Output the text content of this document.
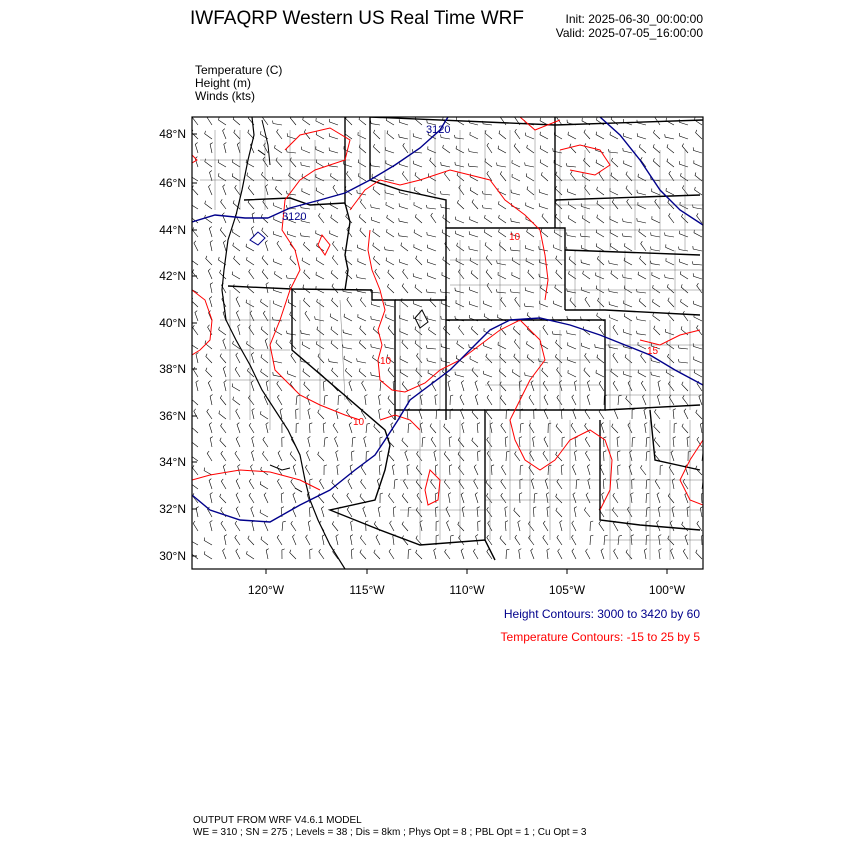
IWFAQRP Western US Real Time WRF	Init: 2025-06-30_00:00:00
Valid: 2025-07-05_16:00:00
Temperature (C)
Height (m)
Winds (kts)
3120
3120
10
10
10
15
48°N
46°N
44°N
42°N
40°N
38°N
36°N
34°N
32°N
30°N
120°W	115°W	110°W	105°W	100°W
Height Contours: 3000 to 3420 by 60
Temperature Contours: -15 to 25 by 5
OUTPUT FROM WRF V4.6.1 MODEL
WE = 310 ; SN = 275 ; Levels = 38 ; Dis = 8km ; Phys Opt = 8 ; PBL Opt = 1 ; Cu Opt = 3
